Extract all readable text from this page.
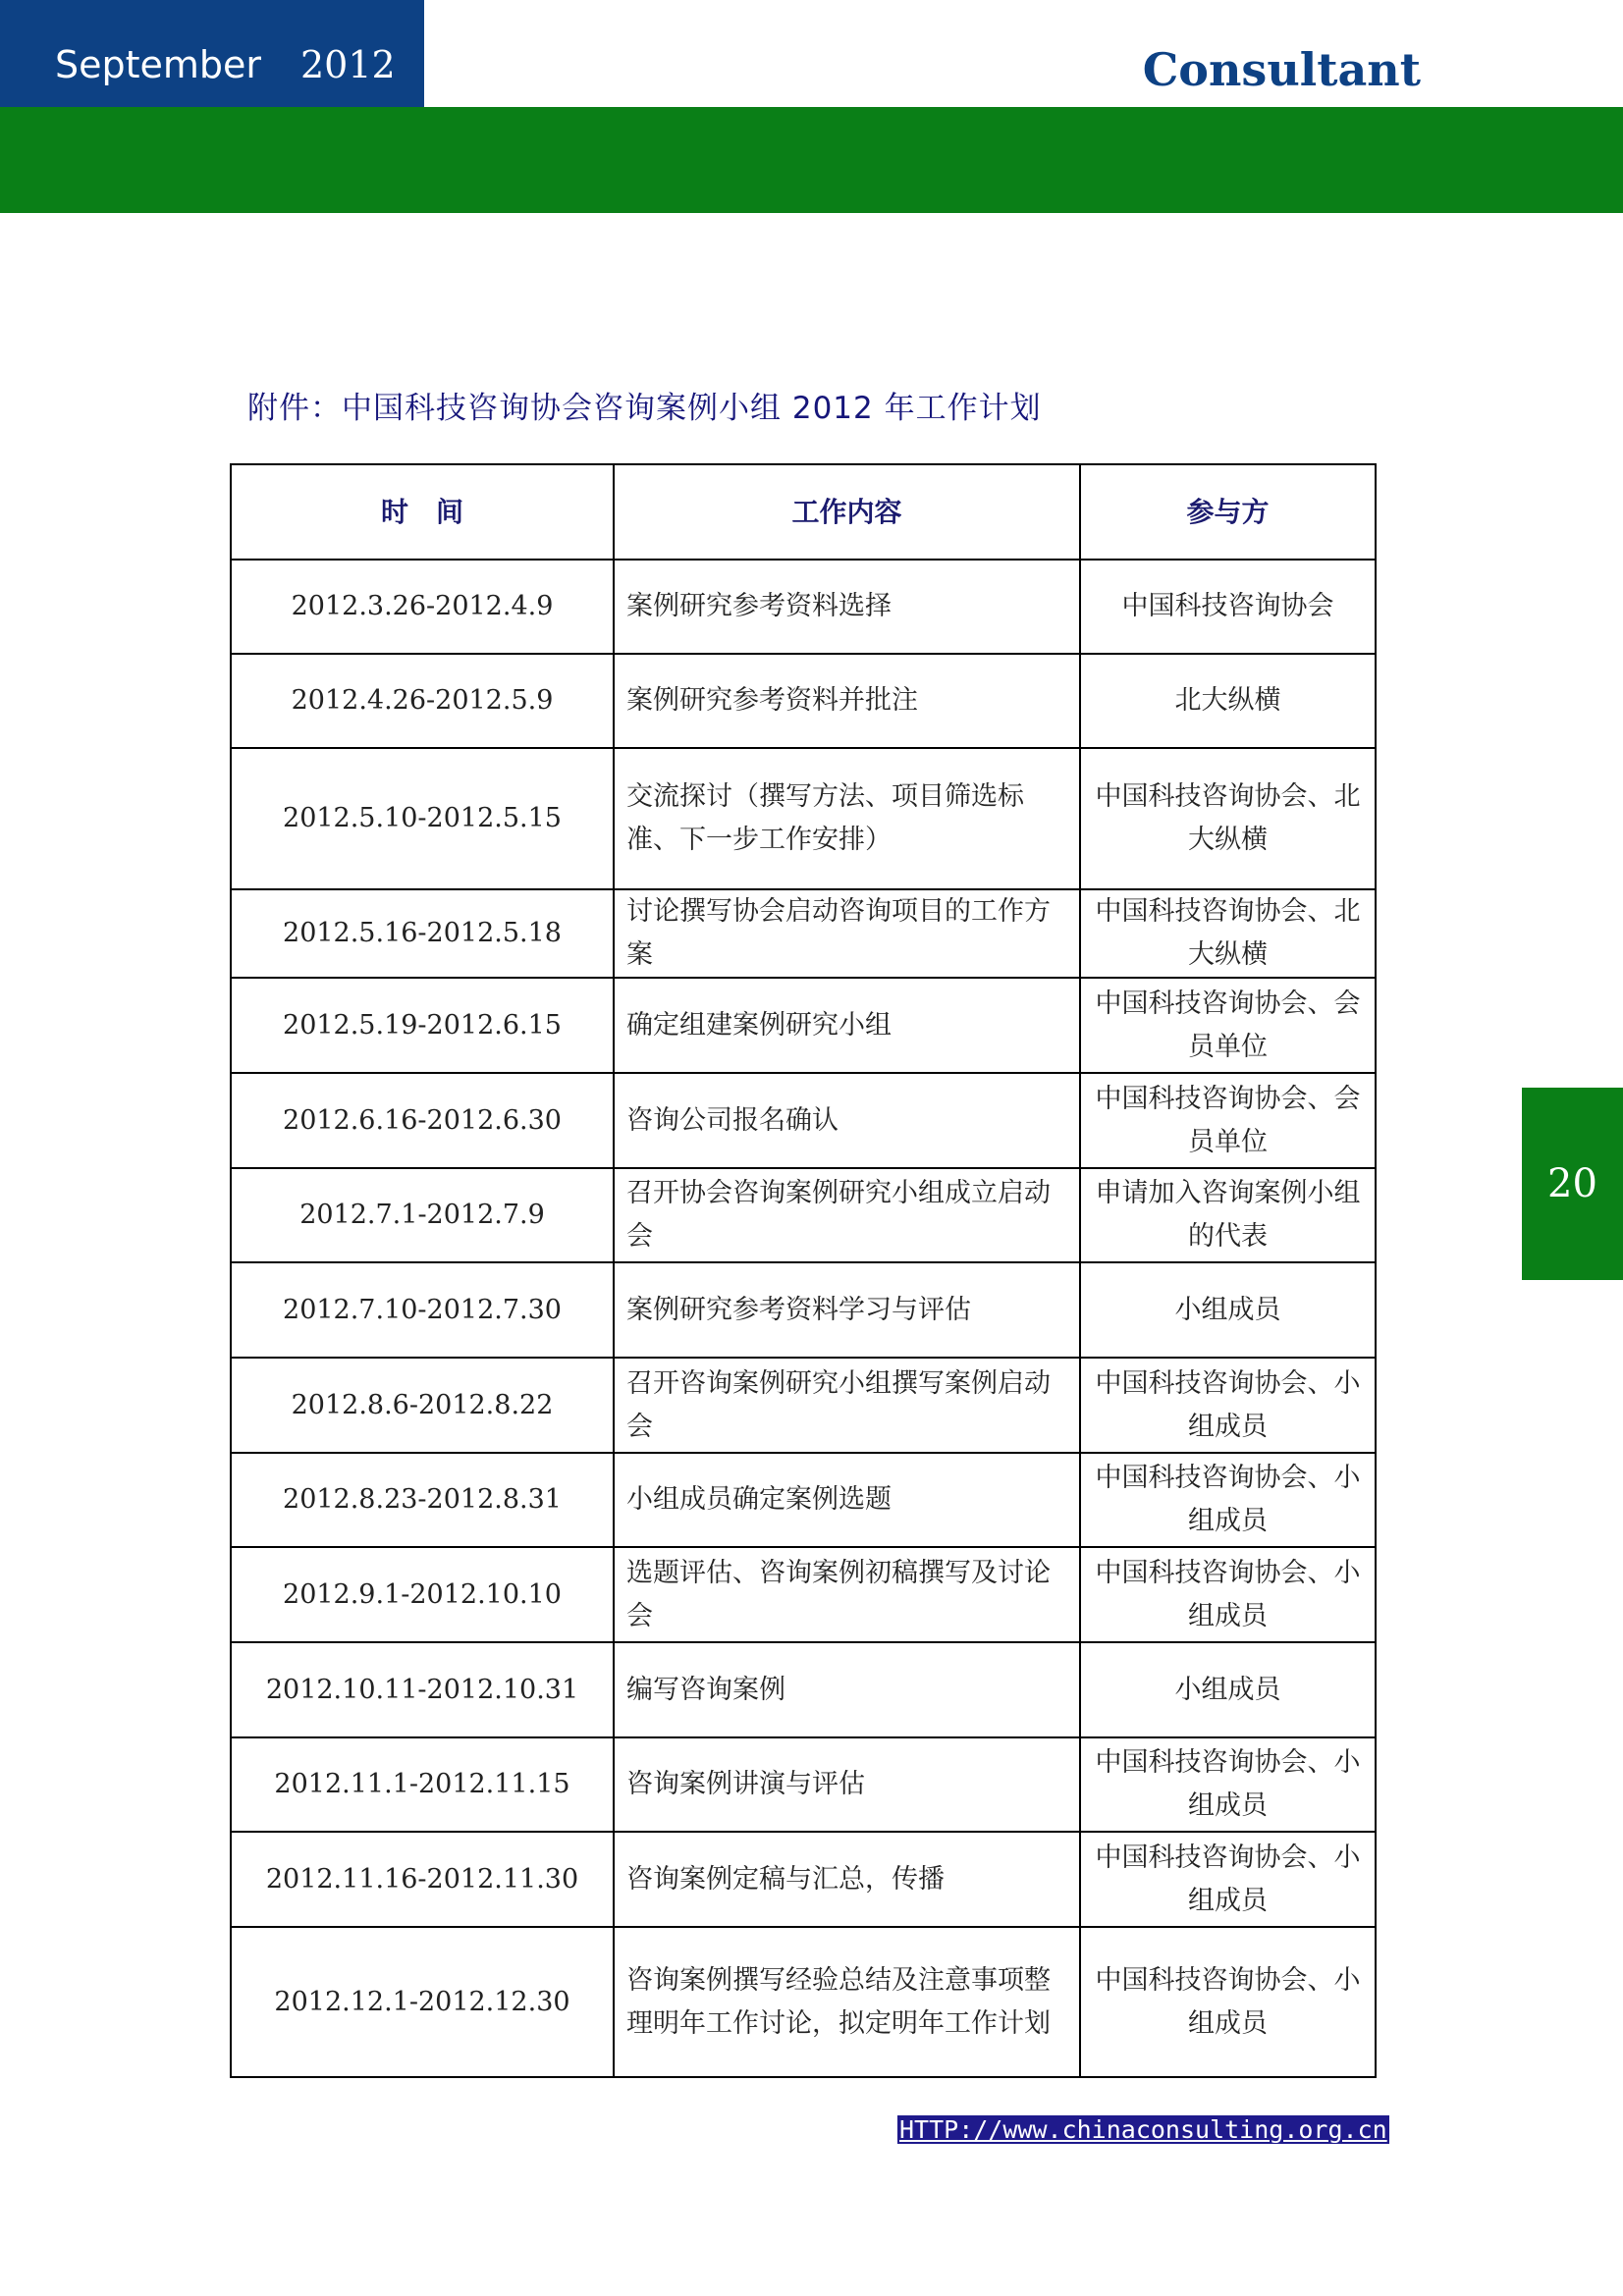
September 2012	Consultant
20
附件：中国科技咨询协会咨询案例小组 2012 年工作计划
时　间	工作内容	参与方
2012.3.26-2012.4.9	案例研究参考资料选择	中国科技咨询协会
2012.4.26-2012.5.9	案例研究参考资料并批注	北大纵横
2012.5.10-2012.5.15	交流探讨（撰写方法、项目筛选标准、下一步工作安排）	中国科技咨询协会、北大纵横
2012.5.16-2012.5.18	讨论撰写协会启动咨询项目的工作方案	中国科技咨询协会、北大纵横
2012.5.19-2012.6.15	确定组建案例研究小组	中国科技咨询协会、会员单位
2012.6.16-2012.6.30	咨询公司报名确认	中国科技咨询协会、会员单位
2012.7.1-2012.7.9	召开协会咨询案例研究小组成立启动会	申请加入咨询案例小组的代表
2012.7.10-2012.7.30	案例研究参考资料学习与评估	小组成员
2012.8.6-2012.8.22	召开咨询案例研究小组撰写案例启动会	中国科技咨询协会、小组成员
2012.8.23-2012.8.31	小组成员确定案例选题	中国科技咨询协会、小组成员
2012.9.1-2012.10.10	选题评估、咨询案例初稿撰写及讨论会	中国科技咨询协会、小组成员
2012.10.11-2012.10.31	编写咨询案例	小组成员
2012.11.1-2012.11.15	咨询案例讲演与评估	中国科技咨询协会、小组成员
2012.11.16-2012.11.30	咨询案例定稿与汇总，传播	中国科技咨询协会、小组成员
2012.12.1-2012.12.30	咨询案例撰写经验总结及注意事项整理明年工作讨论，拟定明年工作计划	中国科技咨询协会、小组成员
HTTP://www.chinaconsulting.org.cn
